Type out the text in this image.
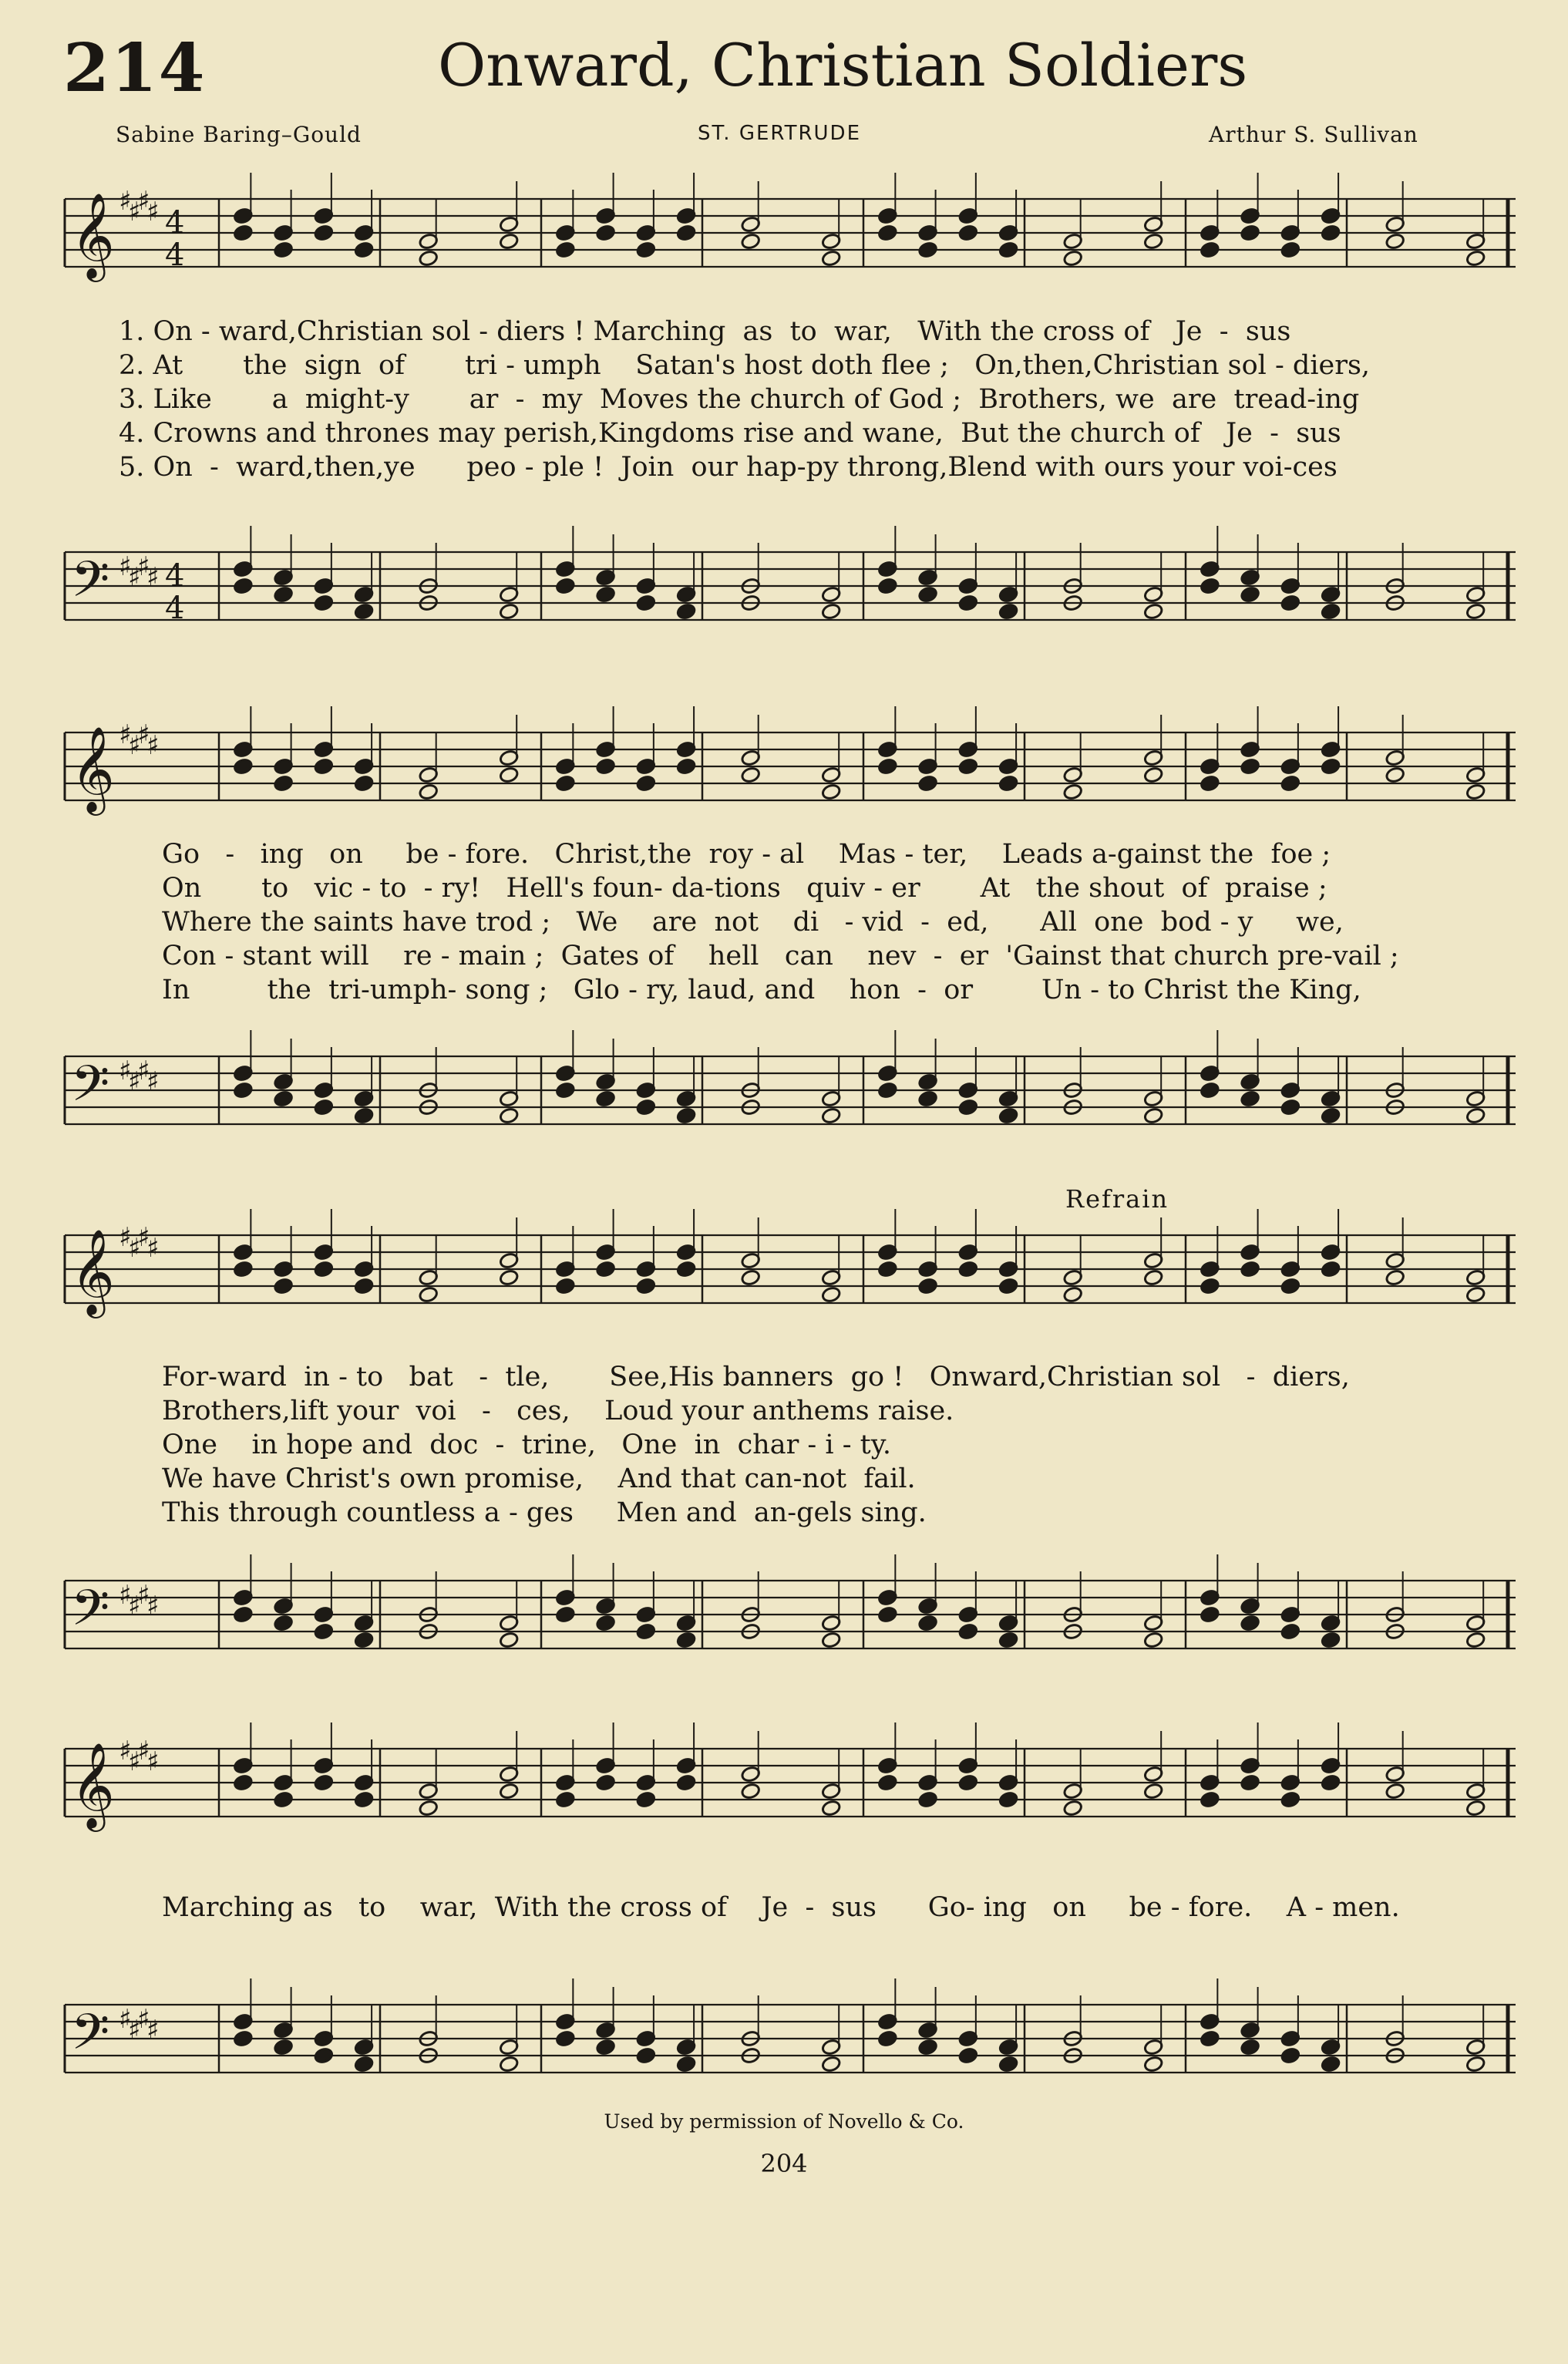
214	Onward, Christian Soldiers
Sabine Baring–Gould	ST. GERTRUDE	Arthur S. Sullivan
𝄞
𝄢
♯
♯
♯
♯
♯
♯
♯
♯
4
4
4
4
𝄞
𝄢
♯
♯
♯
♯
♯
♯
♯
♯
𝄞
𝄢
♯
♯
♯
♯
♯
♯
♯
♯
𝄞
𝄢
♯
♯
♯
♯
♯
♯
♯
♯
1. On - ward,Christian sol - diers ! Marching  as  to  war,   With the cross of   Je  -  sus
2. At       the  sign  of       tri - umph    Satan's host doth flee ;   On,then,Christian sol - diers,
3. Like       a  might-y       ar  -  my  Moves the church of God ;  Brothers, we  are  tread-ing
4. Crowns and thrones may perish,Kingdoms rise and wane,  But the church of   Je  -  sus
5. On  -  ward,then,ye      peo - ple !  Join  our hap-py throng,Blend with ours your voi-ces
Go   -   ing   on     be - fore.   Christ,the  roy - al    Mas - ter,    Leads a-gainst the  foe ;
On       to   vic - to  - ry!   Hell's foun- da-tions   quiv - er       At   the shout  of  praise ;
Where the saints have trod ;   We    are  not    di   - vid  -  ed,      All  one  bod - y     we,
Con - stant will    re - main ;  Gates of    hell   can    nev  -  er  'Gainst that church pre-vail ;
In         the  tri-umph- song ;   Glo - ry, laud, and    hon  -  or        Un - to Christ the King,
Refrain
For-ward  in - to   bat   -  tle,       See,His banners  go !   Onward,Christian sol   -  diers,
Brothers,lift your  voi   -   ces,    Loud your anthems raise.
One    in hope and  doc  -  trine,   One  in  char - i - ty.
We have Christ's own promise,    And that can-not  fail.
This through countless a - ges     Men and  an-gels sing.
Marching as   to    war,  With the cross of    Je  -  sus      Go- ing   on     be - fore.    A - men.
Used by permission of Novello & Co.
204
